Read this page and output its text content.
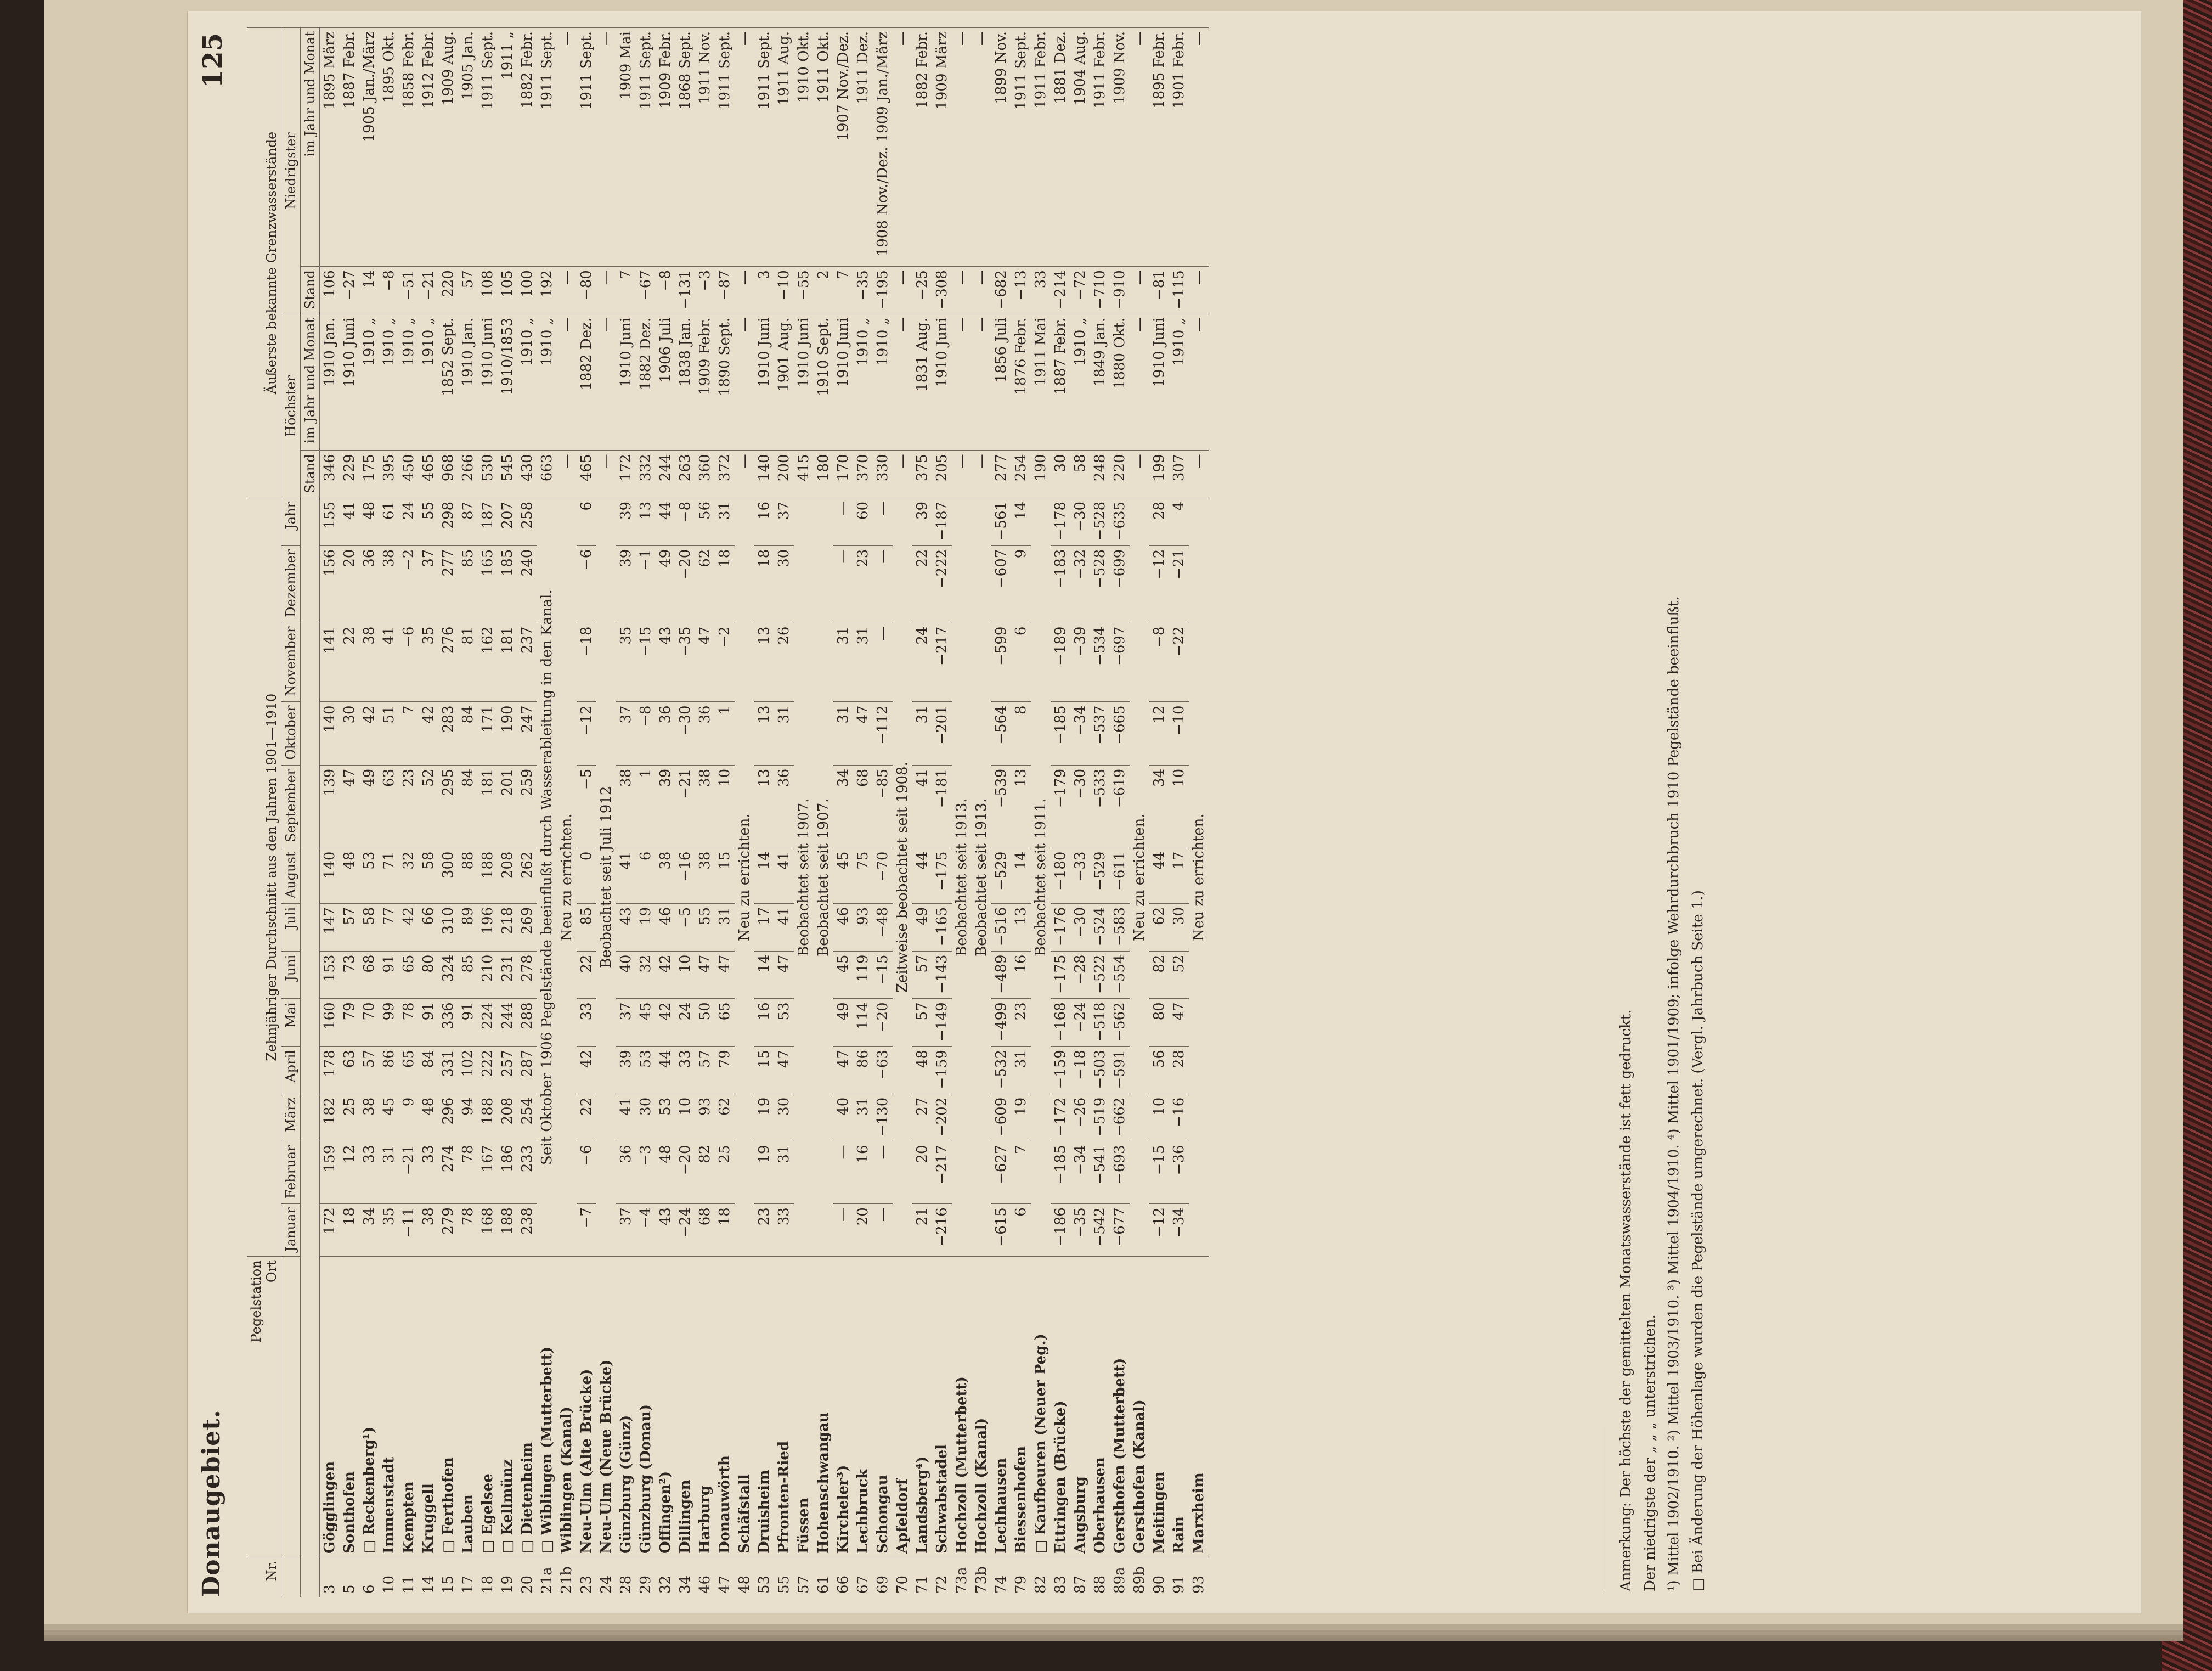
Donaugebiet.
125
Nr.	Pegelstation Ort	Zehnjähriger Durchschnitt aus den Jahren 1901—1910													Äußerste bekannte Grenzwasserstände			
		Januar	Februar	März	April	Mai	Juni	Juli	August	September	Oktober	November	Dezember	Jahr	Höchster		Niedrigster	
															Stand	im Jahr und Monat	Stand	im Jahr und Monat
3	Gögglingen	172	159	182	178	160	153	147	140	139	140	141	156	155	346	1910 Jan.	106	1895 März
5	Sonthofen	18	12	25	63	79	73	57	48	47	30	22	20	41	229	1910 Juni	−27	1887 Febr.
6	□ Reckenberg¹)	34	33	38	57	70	68	58	53	49	42	38	36	48	175	1910 „	14	1905 Jan./März
10	Immenstadt	35	31	45	86	99	91	77	71	63	51	41	38	61	395	1910 „	−8	1895 Okt.
11	Kempten	−11	−21	9	65	78	65	42	32	23	7	−6	−2	24	450	1910 „	−51	1858 Febr.
14	Kruggell	38	33	48	84	91	80	66	58	52	42	35	37	55	465	1910 „	−21	1912 Febr.
15	□ Ferthofen	279	274	296	331	336	324	310	300	295	283	276	277	298	968	1852 Sept.	220	1909 Aug.
17	Lauben	78	78	94	102	91	85	89	88	84	84	81	85	87	266	1910 Jan.	57	1905 Jan.
18	□ Egelsee	168	167	188	222	224	210	196	188	181	171	162	165	187	530	1910 Juni	108	1911 Sept.
19	□ Kellmünz	188	186	208	257	244	231	218	208	201	190	181	185	207	545	1910/1853	105	1911 „
20	□ Dietenheim	238	233	254	287	288	278	269	262	259	247	237	240	258	430	1910 „	100	1882 Febr.
21a	□ Wiblingen (Mutterbett)	Seit Oktober 1906 Pegelstände beeinflußt durch Wasserableitung in den Kanal.													663	1910 „	192	1911 Sept.
21b	Wiblingen (Kanal)	Neu zu errichten.													—	—	—	—
23	Neu-Ulm (Alte Brücke)	−7	−6	22	42	33	22	85	0	−5	−12	−18	−6	6	465	1882 Dez.	−80	1911 Sept.
24	Neu-Ulm (Neue Brücke)	Beobachtet seit Juli 1912													—	—	—	—
28	Günzburg (Günz)	37	36	41	39	37	40	43	41	38	37	35	39	39	172	1910 Juni	7	1909 Mai
29	Günzburg (Donau)	−4	−3	30	53	45	32	19	6	1	−8	−15	−1	13	332	1882 Dez.	−67	1911 Sept.
32	Offingen²)	43	48	53	44	42	42	46	38	39	36	43	49	44	244	1906 Juli	−8	1909 Febr.
34	Dillingen	−24	−20	10	33	24	10	−5	−16	−21	−30	−35	−20	−8	263	1838 Jan.	−131	1868 Sept.
46	Harburg	68	82	93	57	50	47	55	38	38	36	47	62	56	360	1909 Febr.	−3	1911 Nov.
47	Donauwörth	18	25	62	79	65	47	31	15	10	1	−2	18	31	372	1890 Sept.	−87	1911 Sept.
48	Schäfstall	Neu zu errichten.													—	—	—	—
53	Druisheim	23	19	19	15	16	14	17	14	13	13	13	18	16	140	1910 Juni	3	1911 Sept.
55	Pfronten-Ried	33	31	30	47	53	47	41	41	36	31	26	30	37	200	1901 Aug.	−10	1911 Aug.
57	Füssen	Beobachtet seit 1907.													415	1910 Juni	−55	1910 Okt.
61	Hohenschwangau	Beobachtet seit 1907.													180	1910 Sept.	2	1911 Okt.
66	Kircheler³)	—	—	40	47	49	45	46	45	34	31	31	—	—	170	1910 Juni	7	1907 Nov./Dez.
67	Lechbruck	20	16	31	86	114	119	93	75	68	47	31	23	60	370	1910 „	−35	1911 Dez.
69	Schongau	—	—	−130	−63	−20	−15	−48	−70	−85	−112	—	—	—	330	1910 „	−195	1908 Nov./Dez. 1909 Jan./März
70	Apfeldorf	Zeitweise beobachtet seit 1908.													—	—	—	—
71	Landsberg⁴)	21	20	27	48	57	57	49	44	41	31	24	22	39	375	1831 Aug.	−25	1882 Febr.
72	Schwabstadel	−216	−217	−202	−159	−149	−143	−165	−175	−181	−201	−217	−222	−187	205	1910 Juni	−308	1909 März
73a	Hochzoll (Mutterbett)	Beobachtet seit 1913.													—	—	—	—
73b	Hochzoll (Kanal)	Beobachtet seit 1913.													—	—	—	—
74	Lechhausen	−615	−627	−609	−532	−499	−489	−516	−529	−539	−564	−599	−607	−561	277	1856 Juli	−682	1899 Nov.
79	Biessenhofen	6	7	19	31	23	16	13	14	13	8	6	9	14	254	1876 Febr.	−13	1911 Sept.
82	□ Kaufbeuren (Neuer Peg.)	Beobachtet seit 1911.													190	1911 Mai	33	1911 Febr.
83	Ettringen (Brücke)	−186	−185	−172	−159	−168	−175	−176	−180	−179	−185	−189	−183	−178	30	1887 Febr.	−214	1881 Dez.
87	Augsburg	−35	−34	−26	−18	−24	−28	−30	−33	−30	−34	−39	−32	−30	58	1910 „	−72	1904 Aug.
88	Oberhausen	−542	−541	−519	−503	−518	−522	−524	−529	−533	−537	−534	−528	−528	248	1849 Jan.	−710	1911 Febr.
89a	Gersthofen (Mutterbett)	−677	−693	−662	−591	−562	−554	−583	−611	−619	−665	−697	−699	−635	220	1880 Okt.	−910	1909 Nov.
89b	Gersthofen (Kanal)	Neu zu errichten.													—	—	—	—
90	Meitingen	−12	−15	10	56	80	82	62	44	34	12	−8	−12	28	199	1910 Juni	−81	1895 Febr.
91	Rain	−34	−36	−16	28	47	52	30	17	10	−10	−22	−21	4	307	1910 „	−115	1901 Febr.
93	Marxheim	Neu zu errichten.													—	—	—	—
Anmerkung: Der höchste der gemittelten Monatswasserstände ist fett gedruckt. Der niedrigste der „ „ „ unterstrichen. ¹) Mittel 1902/1910. ²) Mittel 1903/1910. ³) Mittel 1904/1910. ⁴) Mittel 1901/1909; infolge Wehrdurchbruch 1910 Pegelstände beeinflußt. □ Bei Änderung der Höhenlage wurden die Pegelstände umgerechnet. (Vergl. Jahrbuch Seite 1.)
